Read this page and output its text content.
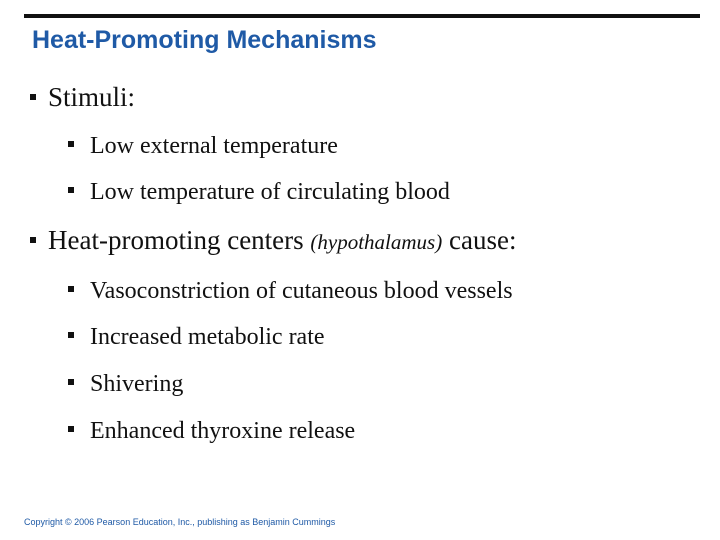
Heat-Promoting Mechanisms
Stimuli:
Low external temperature
Low temperature of circulating blood
Heat-promoting centers (hypothalamus) cause:
Vasoconstriction of cutaneous blood vessels
Increased metabolic rate
Shivering
Enhanced thyroxine release
Copyright © 2006 Pearson Education, Inc., publishing as Benjamin Cummings
